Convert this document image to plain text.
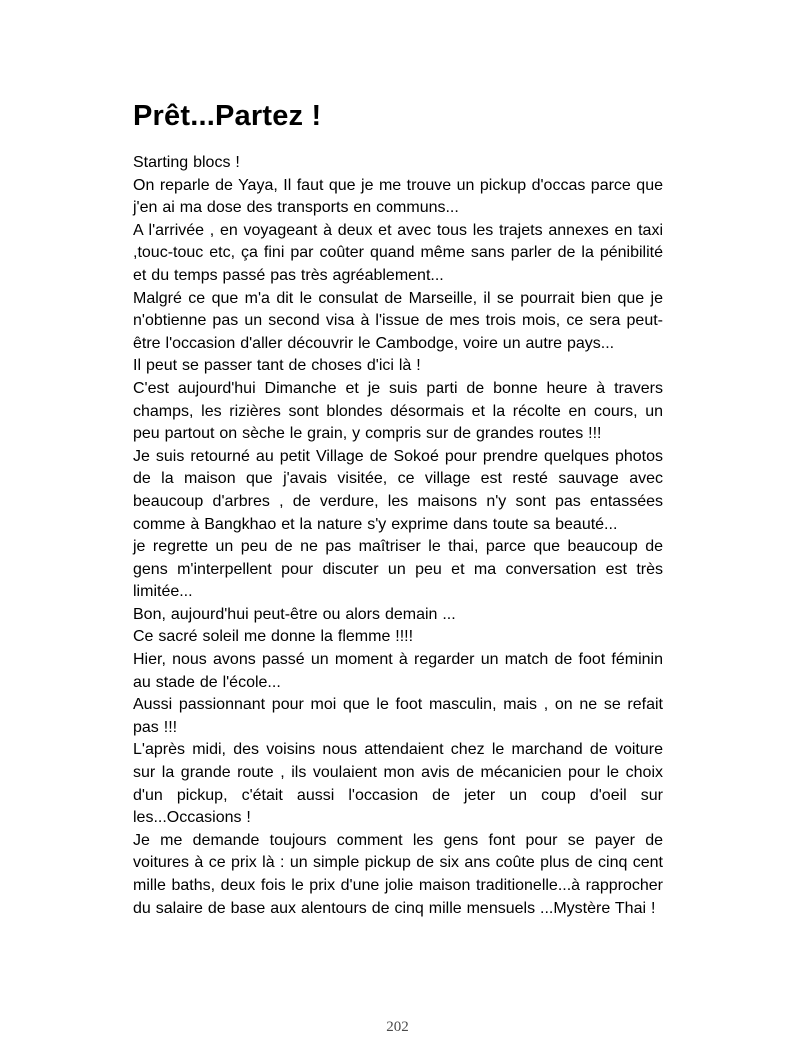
Prêt...Partez !

Starting blocs !

On reparle de Yaya, Il faut que je me trouve un pickup d'occas parce que j'en ai ma dose des transports en communs...

A l'arrivée , en voyageant à deux et avec tous les trajets annexes en taxi ,touc-touc etc, ça fini par coûter quand même sans parler de la pénibilité et du temps passé pas très agréablement...

Malgré ce que m'a dit le consulat de Marseille, il se pourrait bien que je n'obtienne pas un second visa à l'issue de mes trois mois, ce sera peut-être l'occasion d'aller découvrir le Cambodge, voire un autre pays...

Il peut se passer tant de choses d'ici là !

C'est aujourd'hui Dimanche et je suis parti de bonne heure à travers champs, les rizières sont blondes désormais et la récolte en cours, un peu partout on sèche le grain, y compris sur de grandes routes !!!

Je suis retourné au petit Village de Sokoé pour prendre quelques photos de la maison que j'avais visitée, ce village est resté sauvage avec beaucoup d'arbres , de verdure, les maisons n'y sont pas entassées comme à Bangkhao et la nature s'y exprime dans toute sa beauté...

je regrette un peu de ne pas maîtriser le thai, parce que beaucoup de gens m'interpellent pour discuter un peu et ma conversation est très limitée...

Bon, aujourd'hui peut-être ou alors demain ...

Ce sacré soleil me donne la flemme !!!!

Hier, nous avons passé un moment à regarder un match de foot féminin au stade de l'école...

Aussi passionnant pour moi que le foot masculin, mais , on ne se refait pas !!!

L'après midi, des voisins nous attendaient chez le marchand de voiture sur la grande route , ils voulaient mon avis de mécanicien pour le choix d'un pickup, c'était aussi l'occasion de jeter un coup d'oeil sur les...Occasions !

Je me demande toujours comment les gens font pour se payer de voitures à ce prix là : un simple pickup de six ans coûte plus de cinq cent mille baths, deux fois le prix d'une jolie maison traditionelle...à rapprocher du salaire de base aux alentours de cinq mille mensuels ...Mystère Thai !

202
